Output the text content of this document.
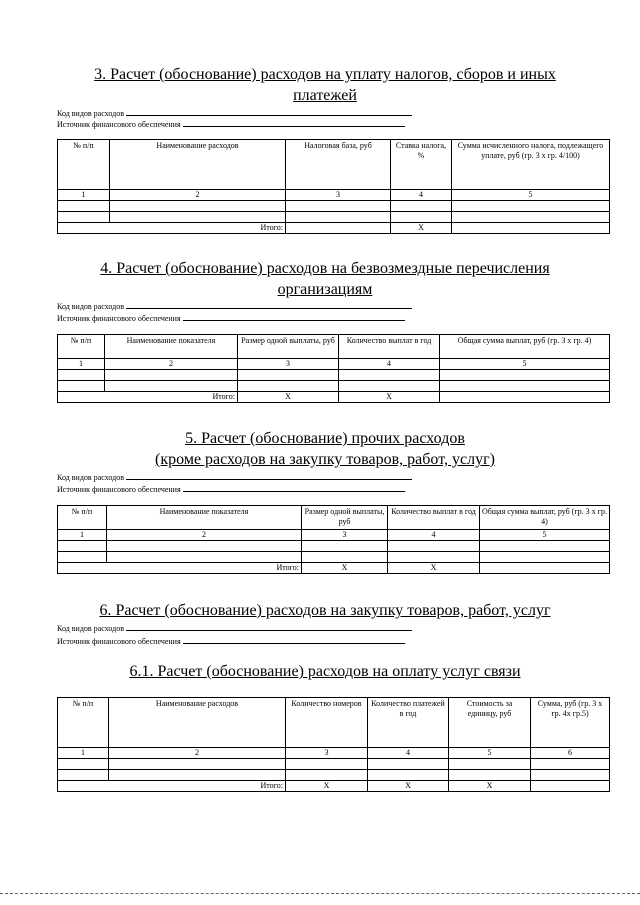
3. Расчет (обоснование) расходов на уплату налогов, сборов и иных
платежей
Код видов расходов
Источник финансового обеспечения
№ п/п	Наименование расходов	Налоговая база, руб	Ставка налога, %	Сумма исчисленного налога, подлежащего уплате, руб (гр. 3 х гр. 4/100)
1	2	3	4	5

Итого:			X	
4. Расчет (обоснование) расходов на безвозмездные перечисления
организациям
Код видов расходов
Источник финансового обеспечения
№ п/п	Наименование показателя	Размер одной выплаты, руб	Количество выплат в год	Общая сумма выплат, руб (гр. 3 х гр. 4)
1	2	3	4	5

Итого:		X	X	
5. Расчет (обоснование) прочих расходов
(кроме расходов на закупку товаров, работ, услуг)
Код видов расходов
Источник финансового обеспечения
№ п/п	Наименование показателя	Размер одной выплаты, руб	Количество выплат в год	Общая сумма выплат, руб (гр. 3 х гр. 4)
1	2	3	4	5

Итого:		X	X	
6. Расчет (обоснование) расходов на закупку товаров, работ, услуг
Код видов расходов
Источник финансового обеспечения
6.1. Расчет (обоснование) расходов на оплату услуг связи
№ п/п	Наименование расходов	Количество номеров	Количество платежей в год	Стоимость за единицу, руб	Сумма, руб (гр. 3 х гр. 4х гр.5)
1	2	3	4	5	6

Итого:		X	X	X	
